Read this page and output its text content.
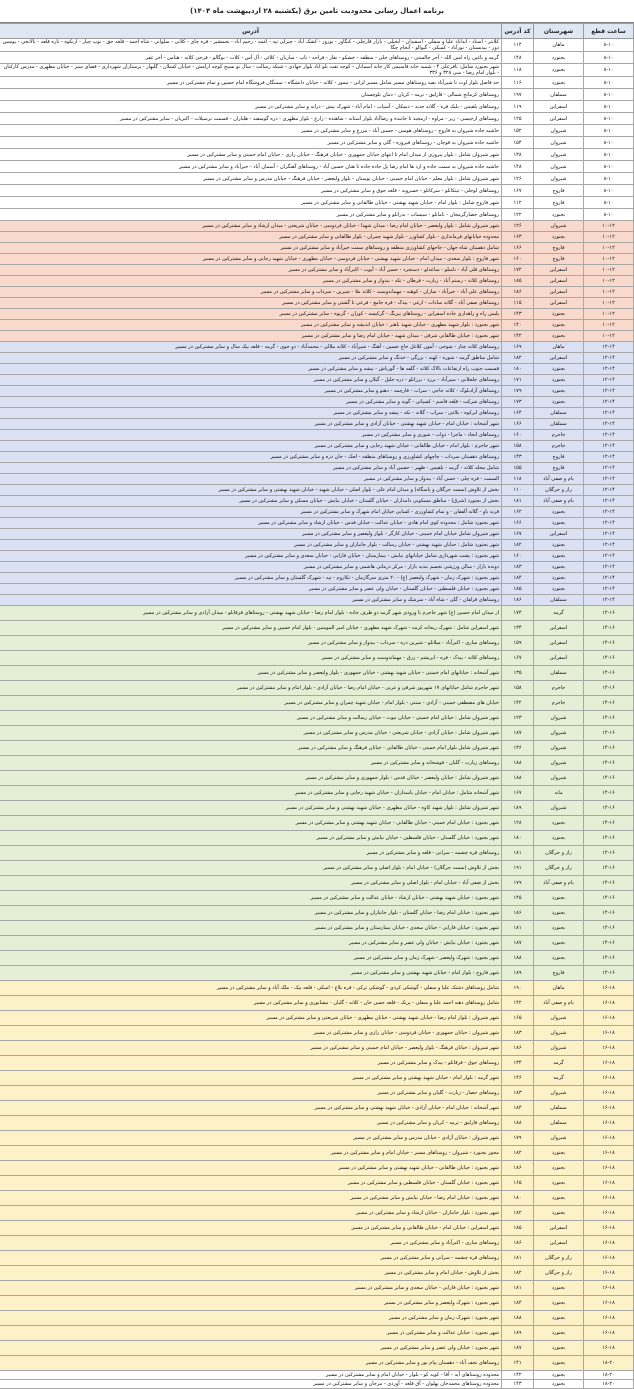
برنامه اعمال رسانی محدودیت تامین برق (یکشنبه ۲۸ اردیبهشت ماه ۱۴۰۴)
ساعت قطع	شهرستان	کد آدرس	آدرس
۸-۱۰	ماهان	۱۱۴	کلانتر - اسناد - اندآباد علیا و سفلی - اسفیدان - ابجیلی - بازار قارچلی - کنگاور - نوروز - کشک آباد - چیرلی تپه - آغمه - رحیم آباد - نجمشیر - قره چای - کلابی - سلوانی - شاه احمد - قلعه حق - توپ چیار - ارنکوه - تاره قلعه - بالانجی - یوسبن دوز - بیدبستان - نورآباد - کمیکی - گیوالو - آنجام چگا
۸-۱۰	بجنورد	۱۴۸	گرمه و باغین راه امین الله - آخر چالستی - روستاهای چلی - منطقه - خشکو - نقار - قراجه - تاپ - ساریان - کلائی - آل آس - کلات - بوگالو - فرخی کلاته - هنامن - آخر غفر
۸-۱۰	بجنورد	۱۱۸	شهر بجنورد شامل: بافرعلی ۴ - شمیه خانه قاسیمی کار خانه آسمانان - کوچه تفت بلو آباد بلوار جهادی - شبکه رسالت - سال نو بسیج کوچه آرامش - خیابان کسلان - گلبهار - پرستاران شهرداری - فضای سبز - خیابان مطهری - مدرس کارکنان - بلوار امام رضا - سی ۳۲۸ و ۳۳۶
۸-۱۰	بجنورد	۱۱۶	حد فاصل بلوار اوت تا شیرآباد بقیه روستاهای مسیر شامل مسیر لزانی - تیمور - کلاته - خیابان دانشگاه - سمنگان فروشگاه امام حسین و تمام مشترکین در مسیر
۸-۱۰	سملقان	۱۹۷	روستاهای کرمانج شمالی - قارلیق - ترمه - کرپان - دمان بلوچستان
۸-۱۰	اسفراین	۱۱۹	روستاهای بلقیس - بلیک قره - گلاته جدید - دیمکان - آسیاب - امام آباد - شهرک پیش - درانه و سایر مشترکین در مسیر
۸-۱۰	اسفراین	۱۲۵	روستاهای ارجیسی - زیر - مراوه - ارمجید تا جانبده و رضاآباد بلوار آستانه - شاهنده - زارع - بلوار مطهری - دره گوسفند - هلیاران - قسمت ترسیلات - اکبریان - سایر مشترکین در مسیر
۸-۱۰	شیروان	۱۵۲	حاشیه جاده شیروان به فاروج - روستاهای هوسن - حسین آباد - مزرع و سایر مشترکین در مسیر
۸-۱۰	شیروان	۱۵۴	حاشیه جاده شیروان به قوچان - روستاهای فیروزه - گلی و سایر مشترکین در مسیر
۸-۱۰	شیروان	۱۳۸	شهر شیروان شامل : بلوار پیروزی از میدان امام تا انتهای خیابان جمهوری - خیابان فرهنگ - خیابان رازی - خیابان امام خمینی و سایر مشترکین در مسیر
۸-۱۰	شیروان	۱۴۸	حاشیه جاده شیروان به سمت جاده و ارد ها امام رضا پل جاده جاده تا هنان حسین آباد - روستاهای آهنگران - آسمان آباد - خیرآباد و سایر مشترکین در مسیر
۸-۱۰	شیروان	۱۲۶	شهر شیروان شامل : بلوار معلم - خیابان امام خمینی - خیابان بوستان - بلوار ولیعصر - خیابان فرهنگ - خیابان مدرس و سایر مشترکین در مسیر
۸-۱۰	فاروج	۱۶۷	روستاهای لوجلی - تیتکانلو - سرکانلو - خسرویه - قلعه جوق و سایر مشترکین در مسیر
۸-۱۰	فاروج	۱۱۲	شهر فاروج شامل : بلوار امام - خیابان شهید بهشتی - خیابان طالقانی و سایر مشترکین در مسیر
۸-۱۰	بجنورد	۱۲۲	روستاهای حصارگرمخان - نامانلو - سیساب - بدرانلو و سایر مشترکین در مسیر
۱۰-۱۲	شیروان	۱۲۶	شهر شیروان شامل : بلوار ولیعصر - خیابان امام رضا - میدان شهدا - خیابان فردوسی - خیابان شریعتی - میدان ارشاد و سایر مشترکین در مسیر
۱۰-۱۲	بجنورد	۱۶۳	محدوده خیابانهای فرمانداری - بلوار کشاورز - بلوار شهید چمران - بلوار طالقانی و سایر مشترکین در مسیر
۱۰-۱۲	فاروج	۱۶۶	شامل دهستان شاه جهان - جاجهای کشاورزی منطقه و روستاهای سمت خیرآباد و سایر مشترکین در مسیر
۱۰-۱۲	فاروج	۱۶۰	شهر فاروج : بلوار سعدی - میدان امام - خیابان شهید بهشتی - خیابان فردوسی - خیابان مطهری - خیابان شهید رجایی و سایر مشترکین در مسیر
۱۰-۱۲	اسفراین	۱۷۲	روستاهای قلی آباد - نامنلو - ساعدلو - دستجرد - حسن آباد - آیوب - اکبرآباد و سایر مشترکین در مسیر
۱۰-۱۲	اسفراین	۱۸۵	روستاهای کلاته - رستم آباد - زیارت - فرطان - تکه - بیدواز و سایر مشترکین در مسیر
۱۰-۱۲	اسفراین	۱۸۶	روستاهای علی آباد - خیرآباد - ساران - کوهنه - مهماندوست - کلاته ملا - شیرین - سرداب و سایر مشترکین در مسیر
۱۰-۱۲	اسفراین	۱۱۵	روستاهای صفی آباد - گلاته سادات - ارغی - بیدک - قره جامع - فرعی تا گشتی و سایر مشترکین در مسیر
۱۰-۱۲	بجنورد	۱۴۳	پلیس راه و راهداری جاده اسفراین - روستاهای پیرنگ - گرکیسه - کوران - گریوه - سایر مشترکین در مسیر
۱۰-۱۲	بجنورد	۱۴۰	شهر بجنورد : بلوار شهید مطهری - خیابان شهید باهنر - خیابان اندیشه و سایر مشترکین در مسیر
۱۰-۱۲	بجنورد	۱۴۲	شهر بجنورد : خیابان طالقانی شرقی - میدان شهید - خیابان امام رضا و سایر مشترکین در مسیر
۱۲-۱۴	ماهان	۱۶۹	روستاهای کلانه چنار - شوخی - آمون کلاغل حاج حسین - آهنگ - شیرآباد - کلاته ملالی - محمدآباد - دو جوی - گرمه - قلعه بیک سال و سایر مشترکین در مسیر
۱۲-۱۴	اسفراین	۱۸۲	شامل مناطق گرمه - شوره - کهنه - بزرگی - خدنگ و سایر مشترکین در مسیر
۱۲-۱۴	بجنورد	۱۸۰	قسمت جنوب راه ارتفاعات بالاک کلاته - گلفه ها - گورباش - بیشه و سایر مشترکین در مسیر
۱۲-۱۴	بجنورد	۱۷۱	روستاهای جلجلانی - سیرآباد - برزد - برزانلو - دره جلیل - گیلان و سایر مشترکین در مسیر
۱۲-۱۴	بجنورد	۱۷۹	روستاهای آزادبلوک - کلاته حاجی - سراب - قارچمه - دهنو و سایر مشترکین در مسیر
۱۲-۱۴	بجنورد	۱۷۳	روستاهای شرکت - قلعه قاسم - کسپانی - گونه و سایر مشترکین در مسیر
۱۲-۱۴	سملقان	۱۶۴	روستاهای ابرکوه - بلاغی - سراب - گلاته - تکه - پیشه و سایر مشترکین در مسیر
۱۲-۱۴	سملقان	۱۶۶	شهر آشخانه : خیابان امام - خیابان شهید بهشتی - خیابان آزادی و سایر مشترکین در مسیر
۱۲-۱۴	جاجرم	۱۶۰	روستاهای اتحاد - ماجرا - دواب - شوری و سایر مشترکین در مسیر
۱۲-۱۴	جاجرم	۱۵۸	شهر جاجرم : بلوار امام - خیابان طالقانی - خیابان شهید رجایی و سایر مشترکین در مسیر
۱۲-۱۴	فاروج	۱۴۳	روستاهای دهستان سرداب - چاچهای کشاورزی و روستاهای منطقه - لحک - خان دره و سایر مشترکین در مسیر
۱۲-۱۴	فاروج	۱۵۵	شامل محله کلاته - گرمه - بلقیس - ظهیر - حسین آباد و سایر مشترکین در مسیر
۱۲-۱۴	بام و صفی آباد	۱۱۸	السمت - قره چلی - حسن آباد - بیدواز و سایر مشترکین در مسیر
۱۲-۱۴	راز و جرگلان	۱۱۰	بخش از تلاوش (سمت جرگلان و پاسگاه) و میدان امام علی - بلوار اصلی - خیابان شهید - خیابان شهید بهشتی و سایر مشترکین در مسیر
۱۲-۱۴	بام و صفی آباد	۱۸۱	بخش از بجنورد (شرق) - مناطق مسکونی دامداران - خیابان گلستان - خیابان نیایش - خیابان مسکن و سایر مشترکین در مسیر
۱۲-۱۴	بجنورد	۱۶۲	قرنه باو - گلاته آلفقان - و تمام کشاورزی - کسایی خیابان امام شهرک و سایر مشترکین در مسیر
۱۲-۱۴	بجنورد	۱۶۶	شهر بجنورد شامل : محدوده کوی امام هادی - خیابان عدالت - خیابان قدس - خیابان ارشاد و سایر مشترکین در مسیر
۱۲-۱۴	اسفراین	۱۶۷	شهر شیروان شامل خیابان امام خمینی - خیابان کارگر - بلوار ولیعصر و سایر مشترکین در مسیر
۱۲-۱۴	بجنورد	۱۸۲	شهر بجنورد شامل : خیابان شهید بهشتی - خیابان رسالت - بلوار جانبازان و سایر مشترکین در مسیر
۱۲-۱۴	بجنورد	۱۶۰	شهر بجنورد : پشت شهرداری شامل خیابانهای نیایش - بیمارستان - خیابان فارابی - خیابان سعدی و سایر مشترکین در مسیر
۱۲-۱۴	بجنورد	۱۸۳	دونده بازار - سالن ورزشی تجسم بندیه بازار - مرکز درمانی هاشمی و سایر مشترکین در مسیر
۱۲-۱۴	بجنورد	۱۸۴	شهر بجنورد : شهرک زمان - شهرک ولیعصر (ع) - ۲۰ متری سرگارمان - تکاروم - تپه - شهرک گلستان و سایر مشترکین در مسیر
۱۲-۱۴	بجنورد	۱۸۵	شهر بجنورد : خیابان فلسطین - خیابان گلستان - خیابان ولی عصر و سایر مشترکین در مسیر
۱۲-۱۴	سملقان	۱۸۶	روستاهای قزلقان - گلی - شاه آباد - سرشک و سایر مشترکین در مسیر
۱۴-۱۶	گرمه	۱۷۴	از میدان امام حسین (ع) شهر جاجرم تا ورودی شهر گرمه دو طرف جاده - بلوار امام رضا - خیابان شهید بهشتی - روستاهای قزقانلو - میدان آزادی و سایر مشترکین در مسیر
۱۴-۱۶	اسفراین	۱۳۴	شهر اسفراین شامل : شهرک ریحانه کرمه - شهرک شهید مطهری - خیابان امیر المومنین - بلوار امام حسین و سایر مشترکین در مسیر
۱۴-۱۶	اسفراین	۱۵۹	روستاهای ساری - اکبرآباد - میلانلو - شیرین دره - سرداب - بیدواز و سایر مشترکین در مسیر
۱۴-۱۶	اسفراین	۱۶۷	روستاهای کلاته - بیدک - قره - ابریشم - زرق - مهماندوست و سایر مشترکین در مسیر
۱۴-۱۶	سملقان	۱۳۵	شهر آشخانه : خیابانهای امام خمینی - خیابان شهید بهشتی - خیابان جمهوری - بلوار ولیعصر و سایر مشترکین در مسیر
۱۴-۱۶	جاجرم	۱۵۸	شهر جاجرم شامل خیابانهای ۱۷ شهریور شرقی و غربی - خیابان امام رضا - خیابان آزادی - بلوار امام و سایر مشترکین در مسیر
۱۴-۱۶	جاجرم	۱۴۲	خیابان های مصطفی خمینی - آزادی - سنتی - بلوار امام - خیابان شهید چمران و سایر مشترکین در مسیر
۱۴-۱۶	شیروان	۱۲۳	شهر شیروان شامل : خیابان امام خمینی - خیابان نبوت - خیابان رسالت و سایر مشترکین در مسیر
۱۴-۱۶	شیروان	۱۸۷	شهر شیروان شامل : خیابان آزادی - خیابان شریعتی - خیابان مدرس و سایر مشترکین در مسیر
۱۴-۱۶	شیروان	۱۳۶	شهر شیروان شامل بلوار امام خمینی - خیابان طالقانی - خیابان فرهنگ و سایر مشترکین در مسیر
۱۴-۱۶	شیروان	۱۸۸	روستاهای زیارت - گلیان - قوشخانه و سایر مشترکین در مسیر
۱۴-۱۶	شیروان	۱۸۸	شهر شیروان شامل : خیابان ولیعصر - خیابان قدس - بلوار جمهوری و سایر مشترکین در مسیر
۱۴-۱۶	مانه	۱۶۷	شهر آشخانه شامل : خیابان امام - خیابان پاسداران - خیابان شهید رجایی و سایر مشترکین در مسیر
۱۴-۱۶	شیروان	۱۸۹	شهر شیروان شامل : بلوار شهید کاوه - خیابان مطهری - خیابان شهید بهشتی و سایر مشترکین در مسیر
۱۴-۱۶	بجنورد	۱۲۸	شهر بجنورد : خیابان امام خمینی - خیابان طالقانی - خیابان شهید بهشتی و سایر مشترکین در مسیر
۱۴-۱۶	بجنورد	۱۸۰	شهر بجنورد : خیابان گلستان - خیابان فلسطین - خیابان نیایش و سایر مشترکین در مسیر
۱۴-۱۶	راز و جرگلان	۱۸۱	روستاهای قره چشمه - سرانی - قلعه و سایر مشترکین در مسیر
۱۴-۱۶	راز و جرگلان	۱۹۱	بخش از تلاوش (سمت جرگلان) - خیابان امام - بلوار اصلی و سایر مشترکین در مسیر
۱۴-۱۶	بام و صفی آباد	۱۷۹	بخش از صفی آباد - خیابان امام - بلوار اصلی و سایر مشترکین در مسیر
۱۴-۱۶	بجنورد	۱۴۵	شهر بجنورد : خیابان شهید بهشتی - خیابان ارشاد - خیابان عدالت و سایر مشترکین در مسیر
۱۴-۱۶	بجنورد	۱۸۶	شهر بجنورد : خیابان امام رضا - خیابان گلستان - بلوار جانبازان و سایر مشترکین در مسیر
۱۴-۱۶	بجنورد	۱۸۱	شهر بجنورد : خیابان فارابی - خیابان سعدی - خیابان بیمارستان و سایر مشترکین در مسیر
۱۴-۱۶	بجنورد	۱۸۷	شهر بجنورد : خیابان نیایش - خیابان ولی عصر و سایر مشترکین در مسیر
۱۴-۱۶	بجنورد	۱۸۸	شهر بجنورد : شهرک ولیعصر - شهرک زمان و سایر مشترکین در مسیر
۱۴-۱۶	فاروج	۱۸۹	شهر فاروج : بلوار امام - خیابان شهید بهشتی و سایر مشترکین در مسیر
۱۶-۱۸	ماهان	۱۹۰	شامل روستاهای دشتک علیا و سفلی - گوشکی کردی - گوشکی ترکی - قره بلاغ - اسکی - قلعه بیک - ملک آباد و سایر مشترکین در مسیر
۱۶-۱۸	بام و صفی آباد	۱۴۲	شامل روستاهای دهنه احمد علیا و سفلی - پرتک - قلعه حسن خان - کلاته - گلیان - نیشابوری و سایر مشترکین در مسیر
۱۶-۱۸	شیروان	۱۶۵	شهر شیروان : بلوار امام رضا - خیابان شهید بهشتی - خیابان مطهری - خیابان شریعتی و سایر مشترکین در مسیر
۱۶-۱۸	شیروان	۱۸۳	شهر شیروان : خیابان جمهوری - خیابان فردوسی - خیابان رازی و سایر مشترکین در مسیر
۱۶-۱۸	شیروان	۱۸۶	شهر شیروان : خیابان فرهنگ - بلوار ولیعصر - خیابان امام خمینی و سایر مشترکین در مسیر
۱۶-۱۸	گرمه	۱۳۴	روستاهای جوق - قزقانلو - بیدک و سایر مشترکین در مسیر
۱۶-۱۸	گرمه	۱۴۶	شهر گرمه : بلوار امام - خیابان شهید بهشتی و سایر مشترکین در مسیر
۱۶-۱۸	شیروان	۱۸۳	روستاهای حصار - زیارت - گلیان و سایر مشترکین در مسیر
۱۶-۱۸	سملقان	۱۸۴	شهر آشخانه : خیابان امام - خیابان آزادی - خیابان شهید بهشتی و سایر مشترکین در مسیر
۱۶-۱۸	سملقان	۱۸۸	روستاهای قارلیق - ترمه - کرپان و سایر مشترکین در مسیر
۱۶-۱۸	شیروان	۱۷۹	شهر شیروان : خیابان آزادی - خیابان مدرس و سایر مشترکین در مسیر
۱۶-۱۸	بجنورد	۱۸۲	محور بجنورد - شیروان - روستاهای مسیر - خیابان امام و سایر مشترکین در مسیر
۱۶-۱۸	بجنورد	۱۸۶	شهر بجنورد : خیابان طالقانی - خیابان شهید بهشتی و سایر مشترکین در مسیر
۱۶-۱۸	بجنورد	۱۶۵	شهر بجنورد : خیابان گلستان - خیابان فلسطین و سایر مشترکین در مسیر
۱۶-۱۸	بجنورد	۱۸۰	شهر بجنورد : خیابان امام رضا - خیابان نیایش و سایر مشترکین در مسیر
۱۶-۱۸	بجنورد	۱۸۲	شهر بجنورد : بلوار جانبازان - خیابان ارشاد و سایر مشترکین در مسیر
۱۶-۱۸	اسفراین	۱۸۵	شهر اسفراین : خیابان امام - خیابان طالقانی و سایر مشترکین در مسیر
۱۶-۱۸	اسفراین	۱۸۶	روستاهای ساری - اکبرآباد و سایر مشترکین در مسیر
۱۶-۱۸	راز و جرگلان	۱۸۱	روستاهای قره چشمه - سرانی و سایر مشترکین در مسیر
۱۶-۱۸	راز و جرگلان	۱۸۲	بخش از تلاوش - خیابان امام و سایر مشترکین در مسیر
۱۶-۱۸	بجنورد	۱۸۱	شهر بجنورد : خیابان فارابی - خیابان سعدی و سایر مشترکین در مسیر
۱۶-۱۸	بجنورد	۱۸۴	شهر بجنورد : شهرک ولیعصر و سایر مشترکین در مسیر
۱۶-۱۸	بجنورد	۱۸۸	شهر بجنورد : شهرک زمان و سایر مشترکین در مسیر
۱۶-۱۸	بجنورد	۱۸۹	شهر بجنورد : خیابان عدالت و سایر مشترکین در مسیر
۱۶-۱۸	بجنورد	۱۸۷	شهر بجنورد : خیابان ولی عصر و سایر مشترکین در مسیر
۱۸-۲۰	بجنورد	۱۴۱	روستاهای نجف آباد - دهستان پیام نور و سایر مشترکین در مسیر
۱۸-۲۰	بجنورد	۱۴۲	محدوده روستاهای آیه - آقا - کوپه کو - بلوار - خیابان امام و سایر مشترکین در مسیر
۱۸-۲۰	بجنورد	۱۴۳	محدوده روستاهای محمدخان پهلوان - آق قلعه - آوردی - مرجان و سایر مشترکین در مسیر
